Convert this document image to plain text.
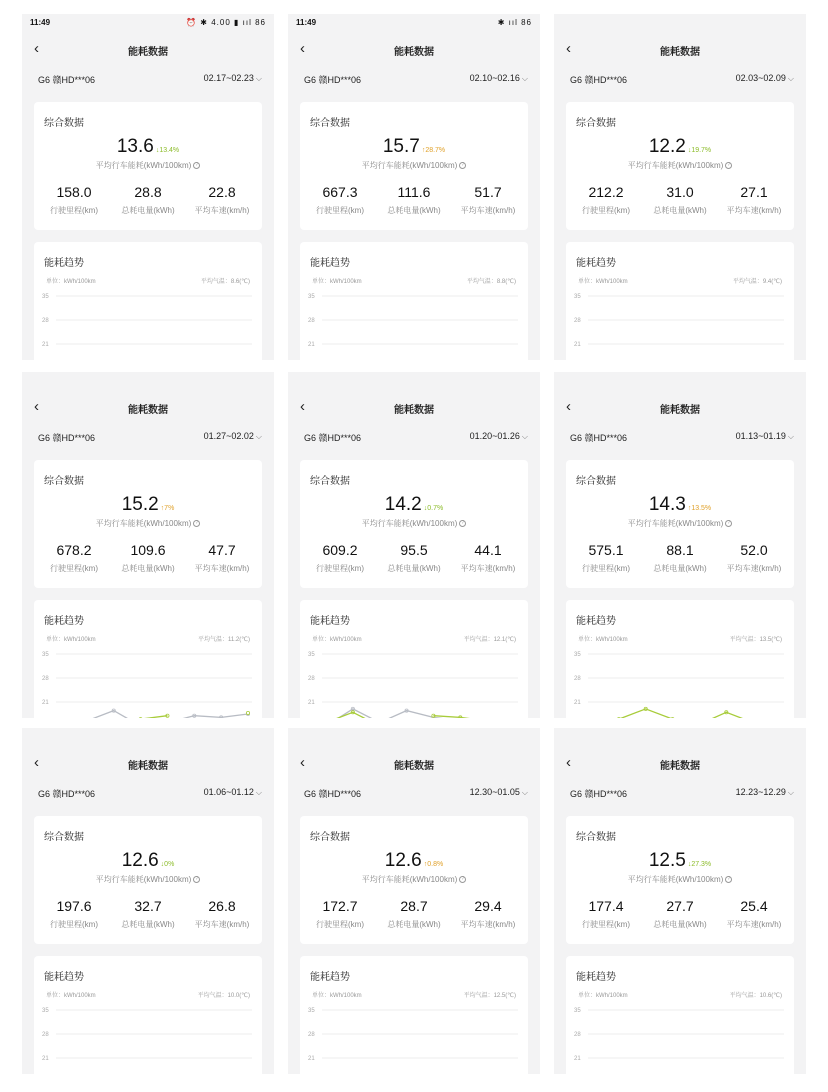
11:49	⏰ ✱ 4.00 ▮ ııl 86
‹	能耗数据
G6 赣HD***06	02.17~02.23 ⌵
综合数据
13.6 ↓13.4%
平均行车能耗(kWh/100km) ?
158.0
行驶里程(km)
28.8
总耗电量(kWh)
22.8
平均车速(km/h)
能耗趋势
单位：kWh/100km	平均气温：8.6(℃)
35
28
21
11:49	✱ ııl 86
‹	能耗数据
G6 赣HD***06	02.10~02.16 ⌵
综合数据
15.7 ↑28.7%
平均行车能耗(kWh/100km) ?
667.3
行驶里程(km)
111.6
总耗电量(kWh)
51.7
平均车速(km/h)
能耗趋势
单位：kWh/100km	平均气温：8.8(℃)
35
28
21
‹	能耗数据
G6 赣HD***06	02.03~02.09 ⌵
综合数据
12.2 ↓19.7%
平均行车能耗(kWh/100km) ?
212.2
行驶里程(km)
31.0
总耗电量(kWh)
27.1
平均车速(km/h)
能耗趋势
单位：kWh/100km	平均气温：9.4(℃)
35
28
21
14
‹	能耗数据
G6 赣HD***06	01.27~02.02 ⌵
综合数据
15.2 ↑7%
平均行车能耗(kWh/100km) ?
678.2
行驶里程(km)
109.6
总耗电量(kWh)
47.7
平均车速(km/h)
能耗趋势
单位：kWh/100km	平均气温：11.2(℃)
35
28
21
‹	能耗数据
G6 赣HD***06	01.20~01.26 ⌵
综合数据
14.2 ↓0.7%
平均行车能耗(kWh/100km) ?
609.2
行驶里程(km)
95.5
总耗电量(kWh)
44.1
平均车速(km/h)
能耗趋势
单位：kWh/100km	平均气温：12.1(℃)
35
28
21
‹	能耗数据
G6 赣HD***06	01.13~01.19 ⌵
综合数据
14.3 ↑13.5%
平均行车能耗(kWh/100km) ?
575.1
行驶里程(km)
88.1
总耗电量(kWh)
52.0
平均车速(km/h)
能耗趋势
单位：kWh/100km	平均气温：13.5(℃)
35
28
21
‹	能耗数据
G6 赣HD***06	01.06~01.12 ⌵
综合数据
12.6 ↓0%
平均行车能耗(kWh/100km) ?
197.6
行驶里程(km)
32.7
总耗电量(kWh)
26.8
平均车速(km/h)
能耗趋势
单位：kWh/100km	平均气温：10.0(℃)
35
28
21
14
‹	能耗数据
G6 赣HD***06	12.30~01.05 ⌵
综合数据
12.6 ↑0.8%
平均行车能耗(kWh/100km) ?
172.7
行驶里程(km)
28.7
总耗电量(kWh)
29.4
平均车速(km/h)
能耗趋势
单位：kWh/100km	平均气温：12.5(℃)
35
28
21
‹	能耗数据
G6 赣HD***06	12.23~12.29 ⌵
综合数据
12.5 ↓27.3%
平均行车能耗(kWh/100km) ?
177.4
行驶里程(km)
27.7
总耗电量(kWh)
25.4
平均车速(km/h)
能耗趋势
单位：kWh/100km	平均气温：10.6(℃)
35
28
21
